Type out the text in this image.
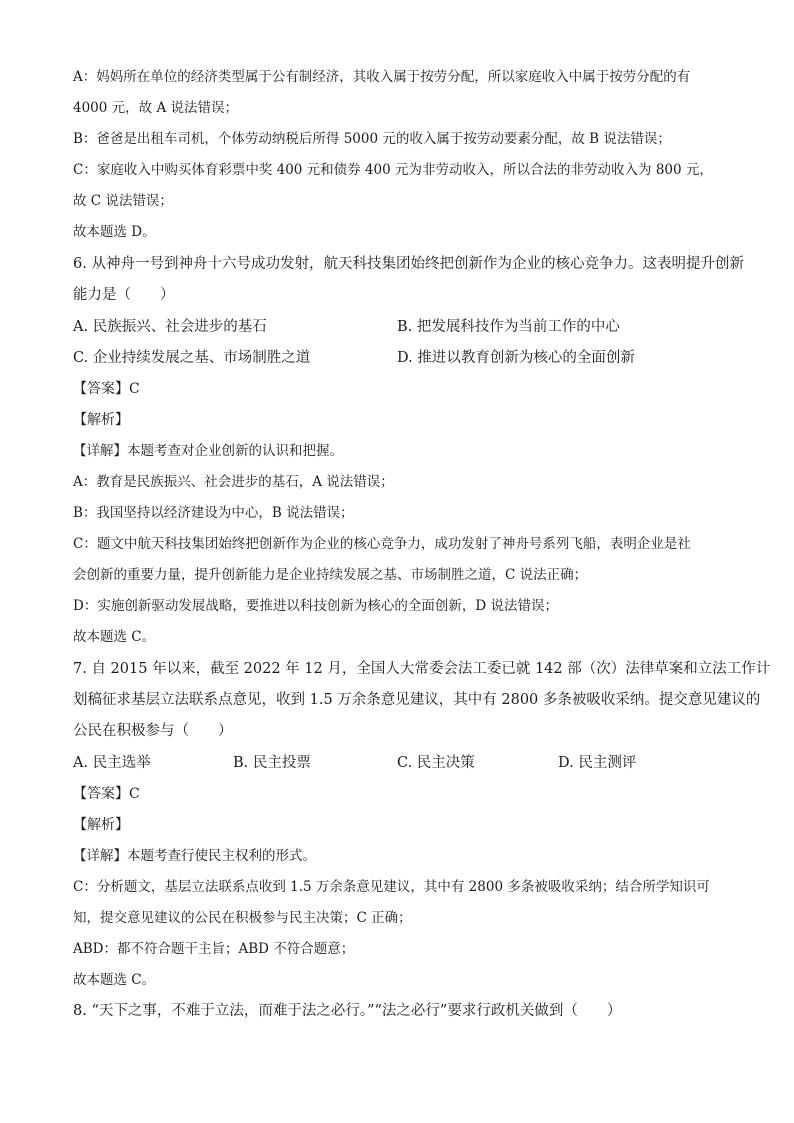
A：妈妈所在单位的经济类型属于公有制经济，其收入属于按劳分配，所以家庭收入中属于按劳分配的有
4000 元，故 A 说法错误；
B：爸爸是出租车司机，个体劳动纳税后所得 5000 元的收入属于按劳动要素分配，故 B 说法错误；
C：家庭收入中购买体育彩票中奖 400 元和债券 400 元为非劳动收入，所以合法的非劳动收入为 800 元，
故 C 说法错误；
故本题选 D。
6. 从神舟一号到神舟十六号成功发射，航天科技集团始终把创新作为企业的核心竞争力。这表明提升创新
能力是（　　）
A. 民族振兴、社会进步的基石	B. 把发展科技作为当前工作的中心
C. 企业持续发展之基、市场制胜之道	D. 推进以教育创新为核心的全面创新
【答案】C
【解析】
【详解】本题考查对企业创新的认识和把握。
A：教育是民族振兴、社会进步的基石，A 说法错误；
B：我国坚持以经济建设为中心，B 说法错误；
C：题文中航天科技集团始终把创新作为企业的核心竞争力，成功发射了神舟号系列飞船，表明企业是社
会创新的重要力量，提升创新能力是企业持续发展之基、市场制胜之道，C 说法正确；
D：实施创新驱动发展战略，要推进以科技创新为核心的全面创新，D 说法错误；
故本题选 C。
7. 自 2015 年以来，截至 2022 年 12 月，全国人大常委会法工委已就 142 部（次）法律草案和立法工作计
划稿征求基层立法联系点意见，收到 1.5 万余条意见建议，其中有 2800 多条被吸收采纳。提交意见建议的
公民在积极参与（　　）
A. 民主选举	B. 民主投票	C. 民主决策	D. 民主测评
【答案】C
【解析】
【详解】本题考查行使民主权利的形式。
C：分析题文，基层立法联系点收到 1.5 万余条意见建议，其中有 2800 多条被吸收采纳；结合所学知识可
知，提交意见建议的公民在积极参与民主决策；C 正确；
ABD：都不符合题干主旨；ABD 不符合题意；
故本题选 C。
8. “天下之事，不难于立法，而难于法之必行。”“法之必行”要求行政机关做到（　　）
